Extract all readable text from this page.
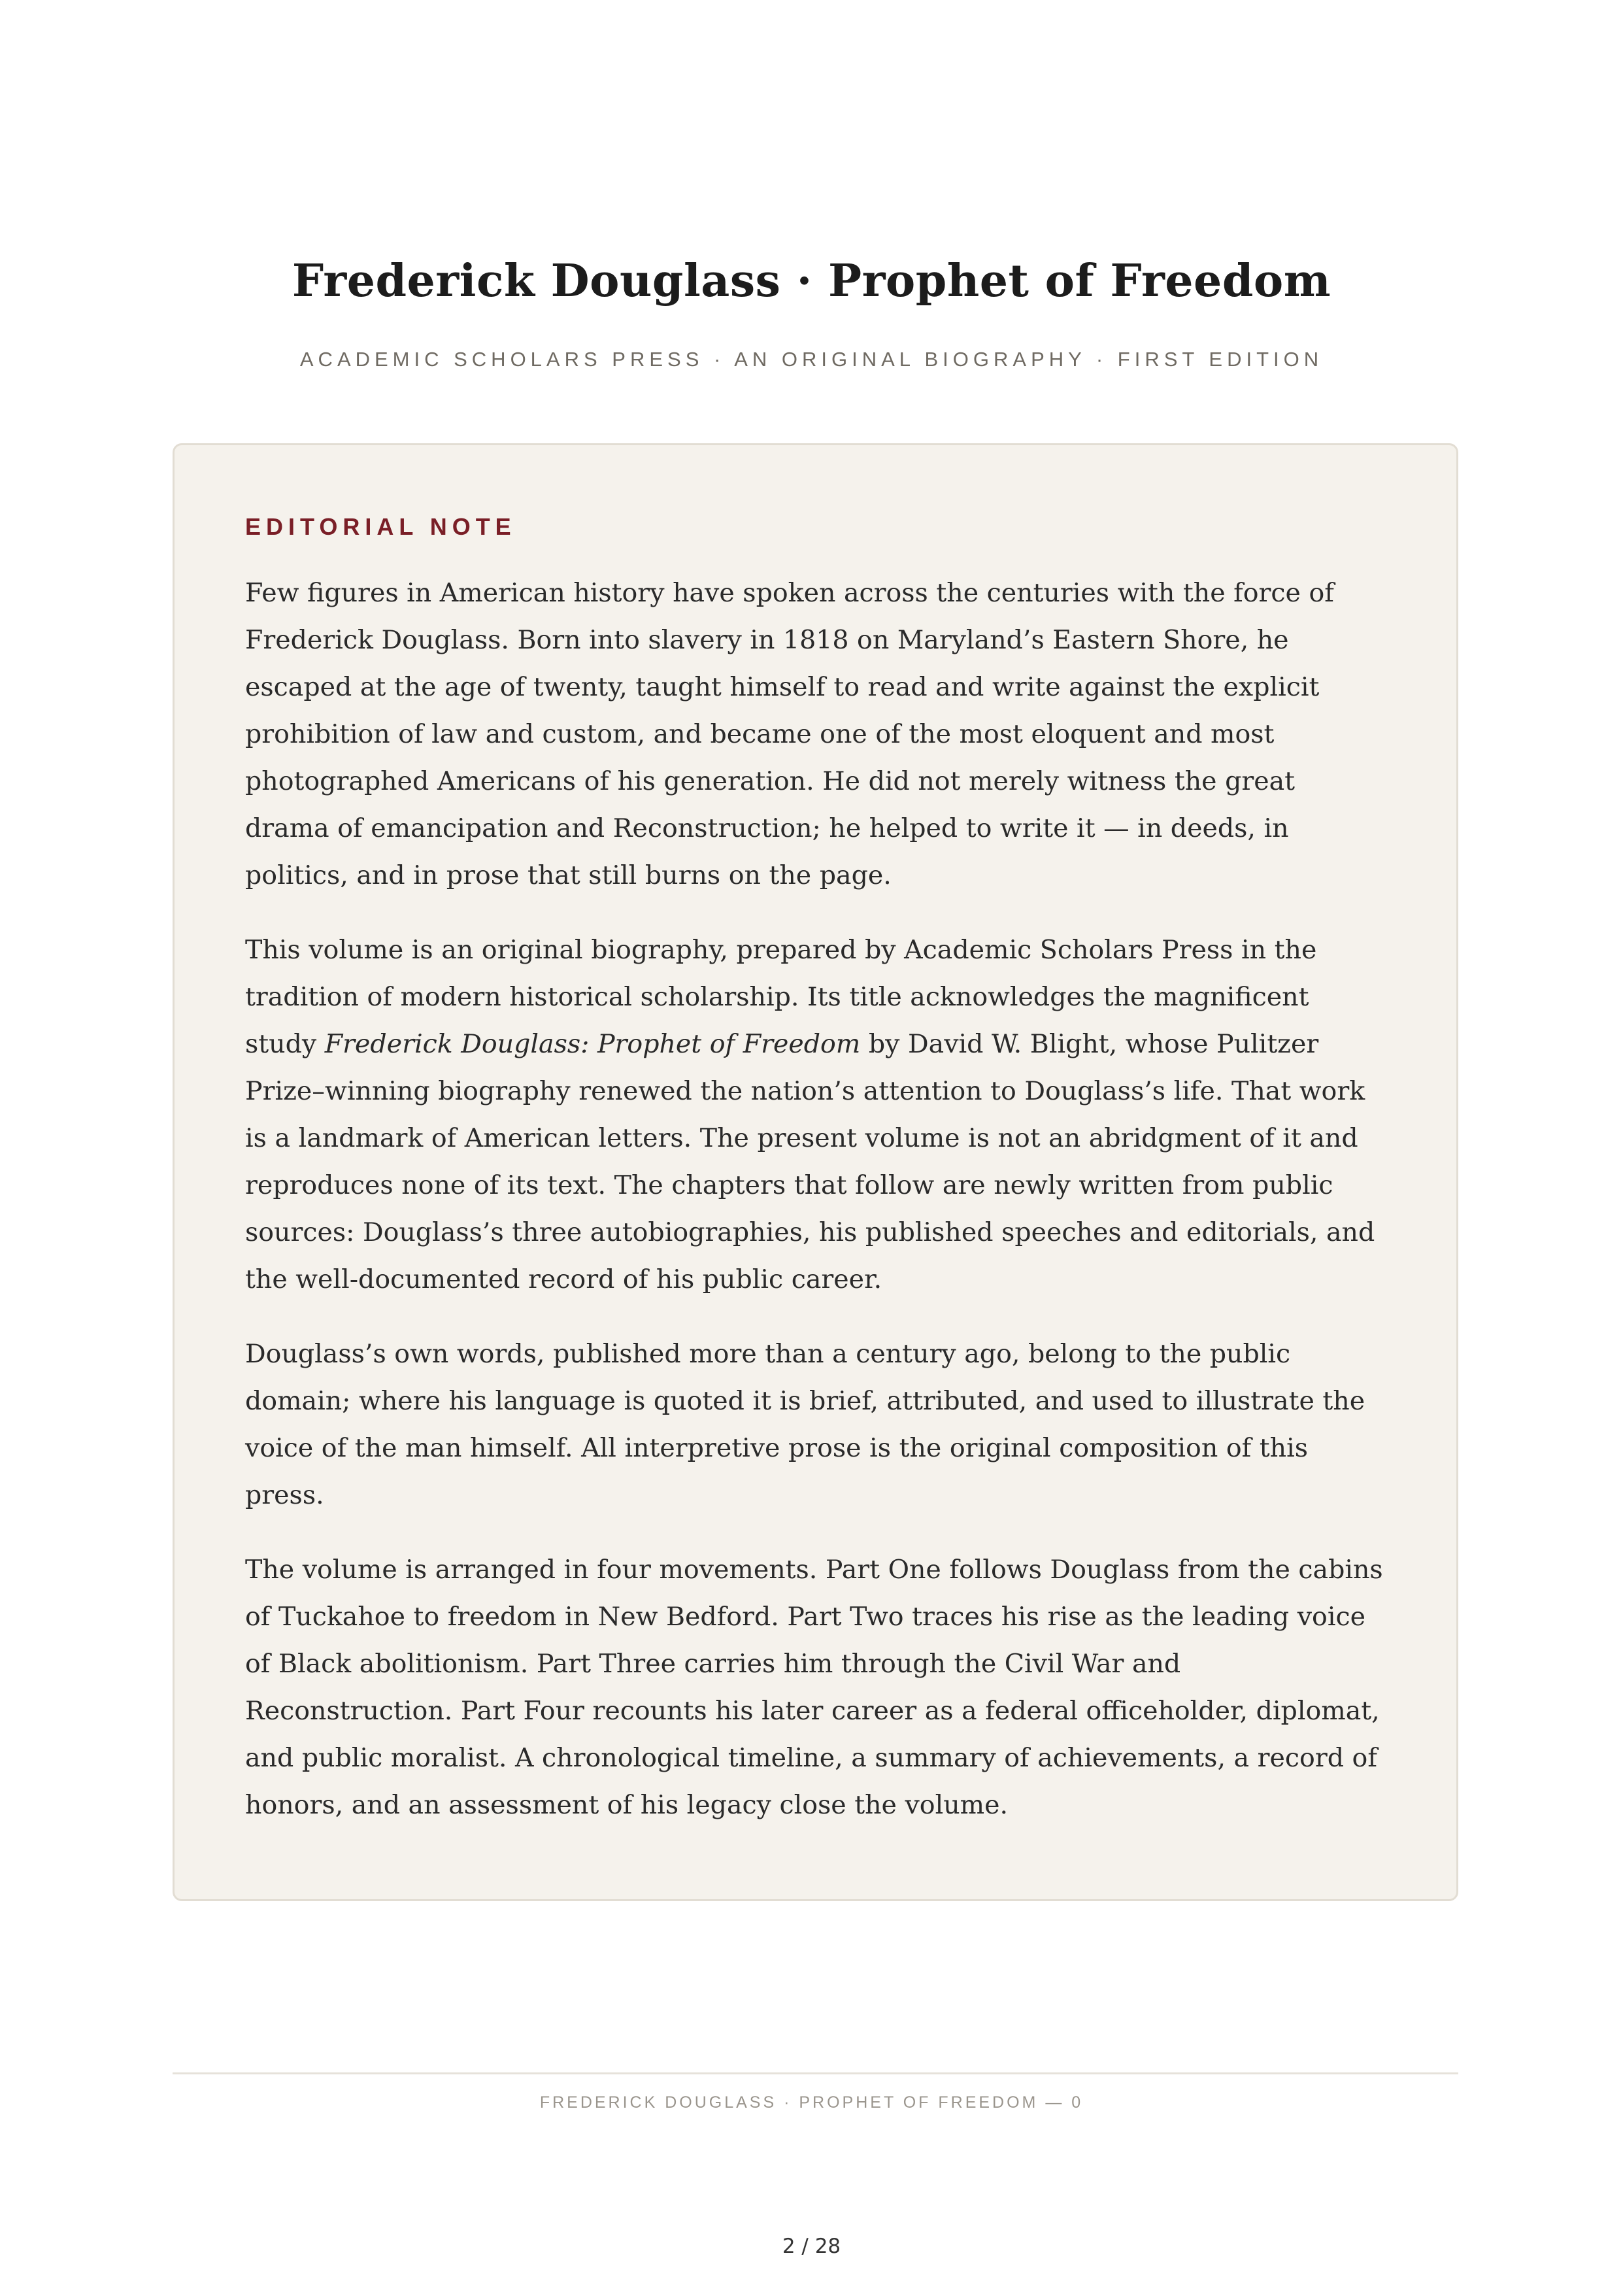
Frederick Douglass · Prophet of Freedom

ACADEMIC SCHOLARS PRESS · AN ORIGINAL BIOGRAPHY · FIRST EDITION

EDITORIAL NOTE

Few figures in American history have spoken across the centuries with the force of Frederick Douglass. Born into slavery in 1818 on Maryland’s Eastern Shore, he escaped at the age of twenty, taught himself to read and write against the explicit prohibition of law and custom, and became one of the most eloquent and most photographed Americans of his generation. He did not merely witness the great drama of emancipation and Reconstruction; he helped to write it — in deeds, in politics, and in prose that still burns on the page.

This volume is an original biography, prepared by Academic Scholars Press in the tradition of modern historical scholarship. Its title acknowledges the magnificent study Frederick Douglass: Prophet of Freedom by David W. Blight, whose Pulitzer Prize–winning biography renewed the nation’s attention to Douglass’s life. That work is a landmark of American letters. The present volume is not an abridgment of it and reproduces none of its text. The chapters that follow are newly written from public sources: Douglass’s three autobiographies, his published speeches and editorials, and the well-documented record of his public career.

Douglass’s own words, published more than a century ago, belong to the public domain; where his language is quoted it is brief, attributed, and used to illustrate the voice of the man himself. All interpretive prose is the original composition of this press.

The volume is arranged in four movements. Part One follows Douglass from the cabins of Tuckahoe to freedom in New Bedford. Part Two traces his rise as the leading voice of Black abolitionism. Part Three carries him through the Civil War and Reconstruction. Part Four recounts his later career as a federal officeholder, diplomat, and public moralist. A chronological timeline, a summary of achievements, a record of honors, and an assessment of his legacy close the volume.

FREDERICK DOUGLASS · PROPHET OF FREEDOM — 0

2 / 28
